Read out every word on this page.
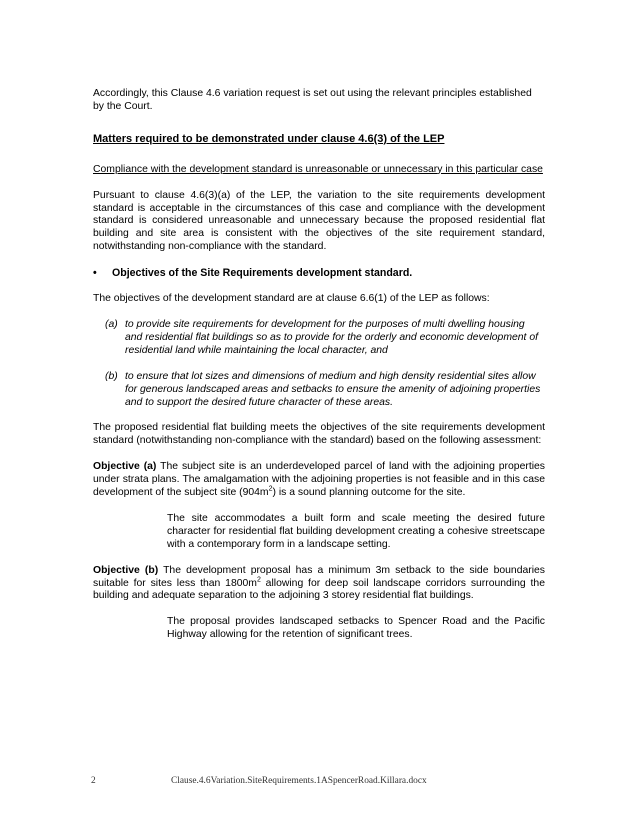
Accordingly, this Clause 4.6 variation request is set out using the relevant principles established by the Court.

Matters required to be demonstrated under clause 4.6(3) of the LEP

Compliance with the development standard is unreasonable or unnecessary in this particular case

Pursuant to clause 4.6(3)(a) of the LEP, the variation to the site requirements development standard is acceptable in the circumstances of this case and compliance with the development standard is considered unreasonable and unnecessary because the proposed residential flat building and site area is consistent with the objectives of the site requirement standard, notwithstanding non-compliance with the standard.

•	Objectives of the Site Requirements development standard.

The objectives of the development standard are at clause 6.6(1) of the LEP as follows:

(a) to provide site requirements for development for the purposes of multi dwelling housing and residential flat buildings so as to provide for the orderly and economic development of residential land while maintaining the local character, and
(b) to ensure that lot sizes and dimensions of medium and high density residential sites allow for generous landscaped areas and setbacks to ensure the amenity of adjoining properties and to support the desired future character of these areas.

The proposed residential flat building meets the objectives of the site requirements development standard (notwithstanding non-compliance with the standard) based on the following assessment:

Objective (a) The subject site is an underdeveloped parcel of land with the adjoining properties under strata plans. The amalgamation with the adjoining properties is not feasible and in this case development of the subject site $(904m^2)$ is a sound planning outcome for the site.

The site accommodates a built form and scale meeting the desired future character for residential flat building development creating a cohesive streetscape with a contemporary form in a landscape setting.

Objective (b) The development proposal has a minimum 3m setback to the side boundaries suitable for sites less than $1800m^2$ allowing for deep soil landscape corridors surrounding the building and adequate separation to the adjoining 3 storey residential flat buildings.

The proposal provides landscaped setbacks to Spencer Road and the Pacific Highway allowing for the retention of significant trees.

2	Clause.4.6Variation.SiteRequirements.1ASpencerRoad.Killara.docx
